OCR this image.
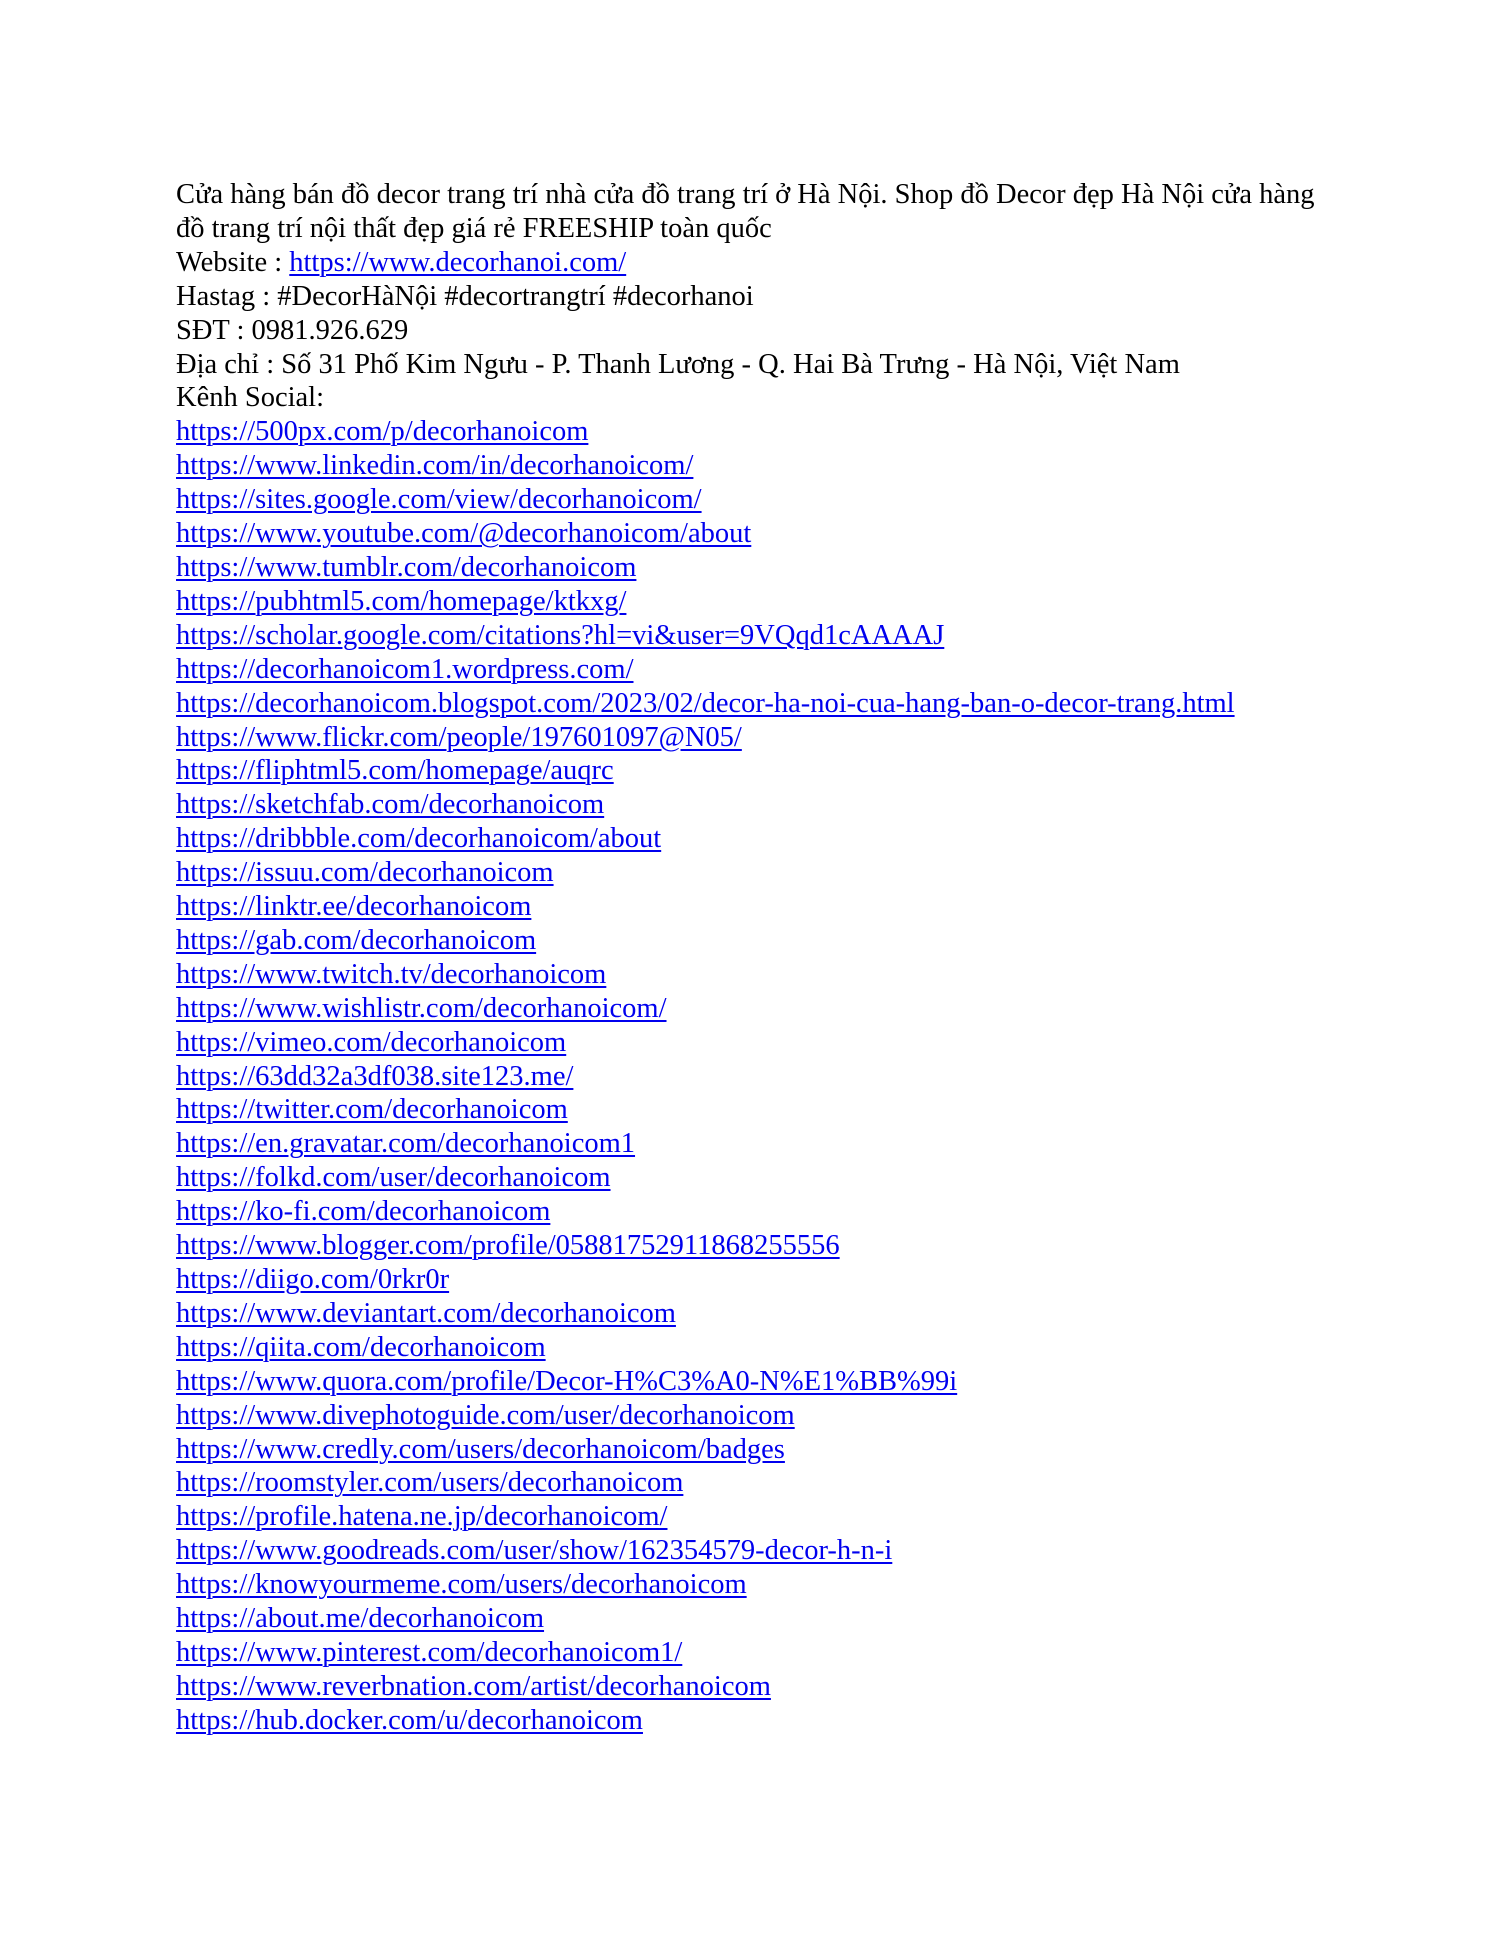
Cửa hàng bán đồ decor trang trí nhà cửa đồ trang trí ở Hà Nội. Shop đồ Decor đẹp Hà Nội cửa hàng đồ trang trí nội thất đẹp giá rẻ FREESHIP toàn quốc
Website : https://www.decorhanoi.com/
Hastag : #DecorHàNội #decortrangtrí #decorhanoi
SĐT : 0981.926.629
Địa chỉ : Số 31 Phố Kim Ngưu - P. Thanh Lương - Q. Hai Bà Trưng - Hà Nội, Việt Nam
Kênh Social:
https://500px.com/p/decorhanoicom
https://www.linkedin.com/in/decorhanoicom/
https://sites.google.com/view/decorhanoicom/
https://www.youtube.com/@decorhanoicom/about
https://www.tumblr.com/decorhanoicom
https://pubhtml5.com/homepage/ktkxg/
https://scholar.google.com/citations?hl=vi&user=9VQqd1cAAAAJ
https://decorhanoicom1.wordpress.com/
https://decorhanoicom.blogspot.com/2023/02/decor-ha-noi-cua-hang-ban-o-decor-trang.html
https://www.flickr.com/people/197601097@N05/
https://fliphtml5.com/homepage/auqrc
https://sketchfab.com/decorhanoicom
https://dribbble.com/decorhanoicom/about
https://issuu.com/decorhanoicom
https://linktr.ee/decorhanoicom
https://gab.com/decorhanoicom
https://www.twitch.tv/decorhanoicom
https://www.wishlistr.com/decorhanoicom/
https://vimeo.com/decorhanoicom
https://63dd32a3df038.site123.me/
https://twitter.com/decorhanoicom
https://en.gravatar.com/decorhanoicom1
https://folkd.com/user/decorhanoicom
https://ko-fi.com/decorhanoicom
https://www.blogger.com/profile/05881752911868255556
https://diigo.com/0rkr0r
https://www.deviantart.com/decorhanoicom
https://qiita.com/decorhanoicom
https://www.quora.com/profile/Decor-H%C3%A0-N%E1%BB%99i
https://www.divephotoguide.com/user/decorhanoicom
https://www.credly.com/users/decorhanoicom/badges
https://roomstyler.com/users/decorhanoicom
https://profile.hatena.ne.jp/decorhanoicom/
https://www.goodreads.com/user/show/162354579-decor-h-n-i
https://knowyourmeme.com/users/decorhanoicom
https://about.me/decorhanoicom
https://www.pinterest.com/decorhanoicom1/
https://www.reverbnation.com/artist/decorhanoicom
https://hub.docker.com/u/decorhanoicom
